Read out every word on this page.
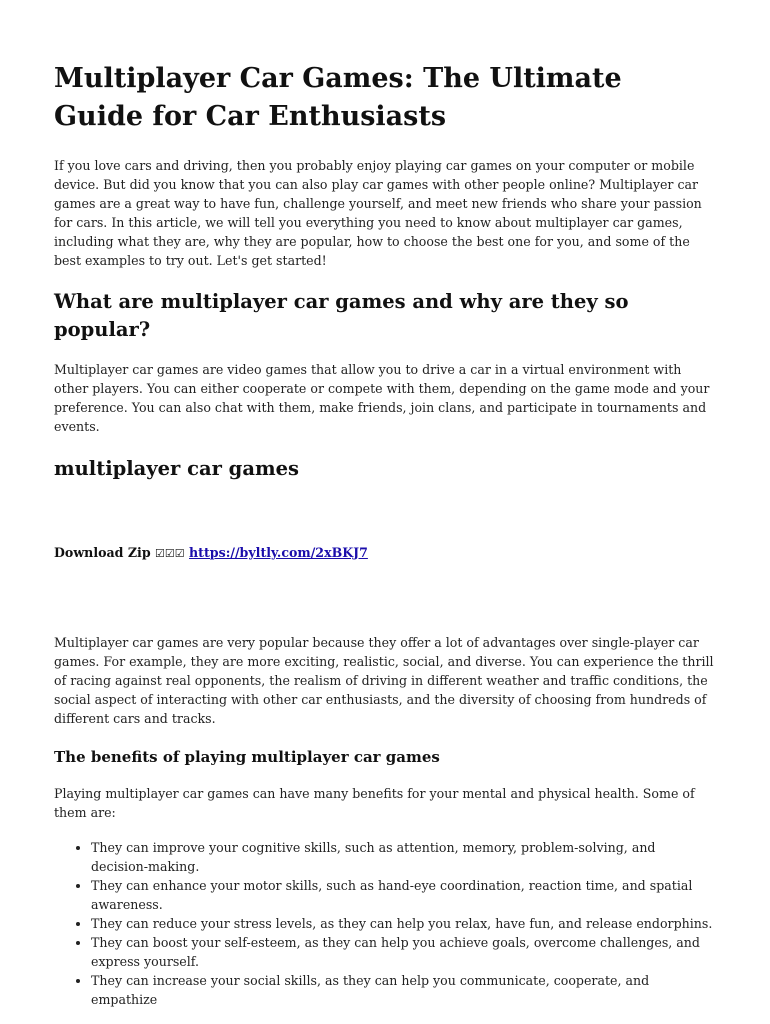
Multiplayer Car Games: The Ultimate Guide for Car Enthusiasts

If you love cars and driving, then you probably enjoy playing car games on your computer or mobile device. But did you know that you can also play car games with other people online? Multiplayer car games are a great way to have fun, challenge yourself, and meet new friends who share your passion for cars. In this article, we will tell you everything you need to know about multiplayer car games, including what they are, why they are popular, how to choose the best one for you, and some of the best examples to try out. Let's get started!

What are multiplayer car games and why are they so popular?

Multiplayer car games are video games that allow you to drive a car in a virtual environment with other players. You can either cooperate or compete with them, depending on the game mode and your preference. You can also chat with them, make friends, join clans, and participate in tournaments and events.

multiplayer car games

Download Zip ☑☑☑ https://byltly.com/2xBKJ7

Multiplayer car games are very popular because they offer a lot of advantages over single-player car games. For example, they are more exciting, realistic, social, and diverse. You can experience the thrill of racing against real opponents, the realism of driving in different weather and traffic conditions, the social aspect of interacting with other car enthusiasts, and the diversity of choosing from hundreds of different cars and tracks.

The benefits of playing multiplayer car games

Playing multiplayer car games can have many benefits for your mental and physical health. Some of them are:

• They can improve your cognitive skills, such as attention, memory, problem-solving, and decision-making.
• They can enhance your motor skills, such as hand-eye coordination, reaction time, and spatial awareness.
• They can reduce your stress levels, as they can help you relax, have fun, and release endorphins.
• They can boost your self-esteem, as they can help you achieve goals, overcome challenges, and express yourself.
• They can increase your social skills, as they can help you communicate, cooperate, and empathize
